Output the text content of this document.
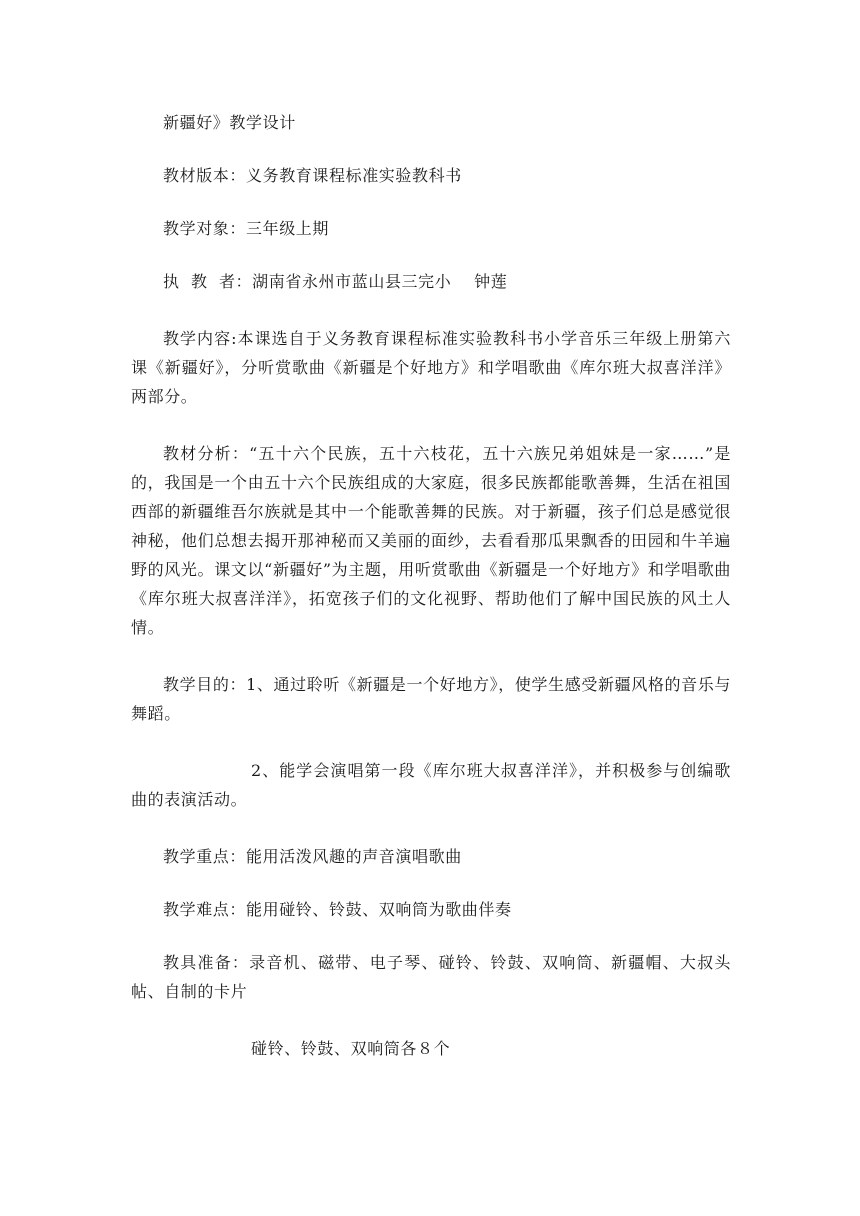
新疆好》教学设计

教材版本：义务教育课程标准实验教科书

教学对象：三年级上期

执  教  者：湖南省永州市蓝山县三完小    钟莲

教学内容:本课选自于义务教育课程标准实验教科书小学音乐三年级上册第六课《新疆好》，分听赏歌曲《新疆是个好地方》和学唱歌曲《库尔班大叔喜洋洋》两部分。

教材分析：“五十六个民族，五十六枝花，五十六族兄弟姐妹是一家……”是的，我国是一个由五十六个民族组成的大家庭，很多民族都能歌善舞，生活在祖国西部的新疆维吾尔族就是其中一个能歌善舞的民族。对于新疆，孩子们总是感觉很神秘，他们总想去揭开那神秘而又美丽的面纱，去看看那瓜果飘香的田园和牛羊遍野的风光。课文以“新疆好”为主题，用听赏歌曲《新疆是一个好地方》和学唱歌曲《库尔班大叔喜洋洋》，拓宽孩子们的文化视野、帮助他们了解中国民族的风土人情。

教学目的：1、通过聆听《新疆是一个好地方》，使学生感受新疆风格的音乐与舞蹈。

2、能学会演唱第一段《库尔班大叔喜洋洋》，并积极参与创编歌曲的表演活动。

教学重点：能用活泼风趣的声音演唱歌曲

教学难点：能用碰铃、铃鼓、双响筒为歌曲伴奏

教具准备：录音机、磁带、电子琴、碰铃、铃鼓、双响筒、新疆帽、大叔头帖、自制的卡片

碰铃、铃鼓、双响筒各８个
